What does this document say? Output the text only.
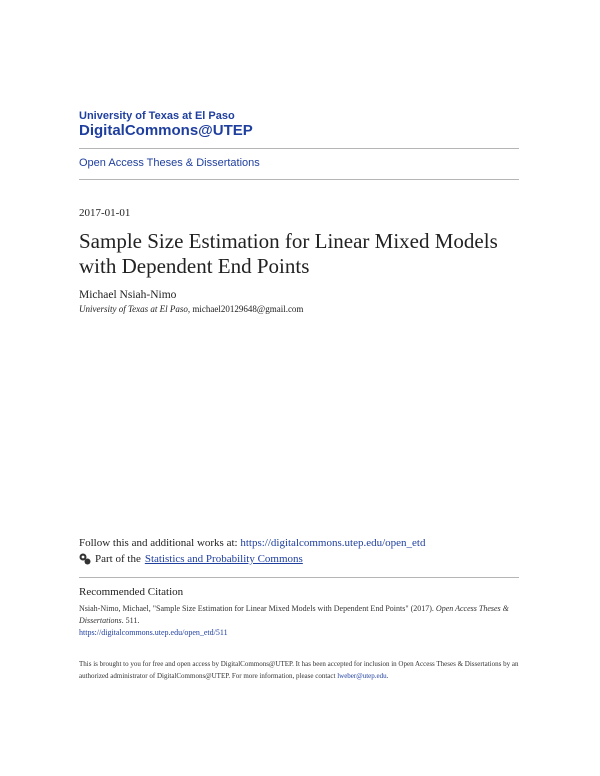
University of Texas at El Paso
DigitalCommons@UTEP
Open Access Theses & Dissertations
2017-01-01
Sample Size Estimation for Linear Mixed Models with Dependent End Points
Michael Nsiah-Nimo
University of Texas at El Paso, michael20129648@gmail.com
Follow this and additional works at: https://digitalcommons.utep.edu/open_etd
Part of the Statistics and Probability Commons
Recommended Citation
Nsiah-Nimo, Michael, "Sample Size Estimation for Linear Mixed Models with Dependent End Points" (2017). Open Access Theses & Dissertations. 511.
https://digitalcommons.utep.edu/open_etd/511
This is brought to you for free and open access by DigitalCommons@UTEP. It has been accepted for inclusion in Open Access Theses & Dissertations by an authorized administrator of DigitalCommons@UTEP. For more information, please contact lweber@utep.edu.
